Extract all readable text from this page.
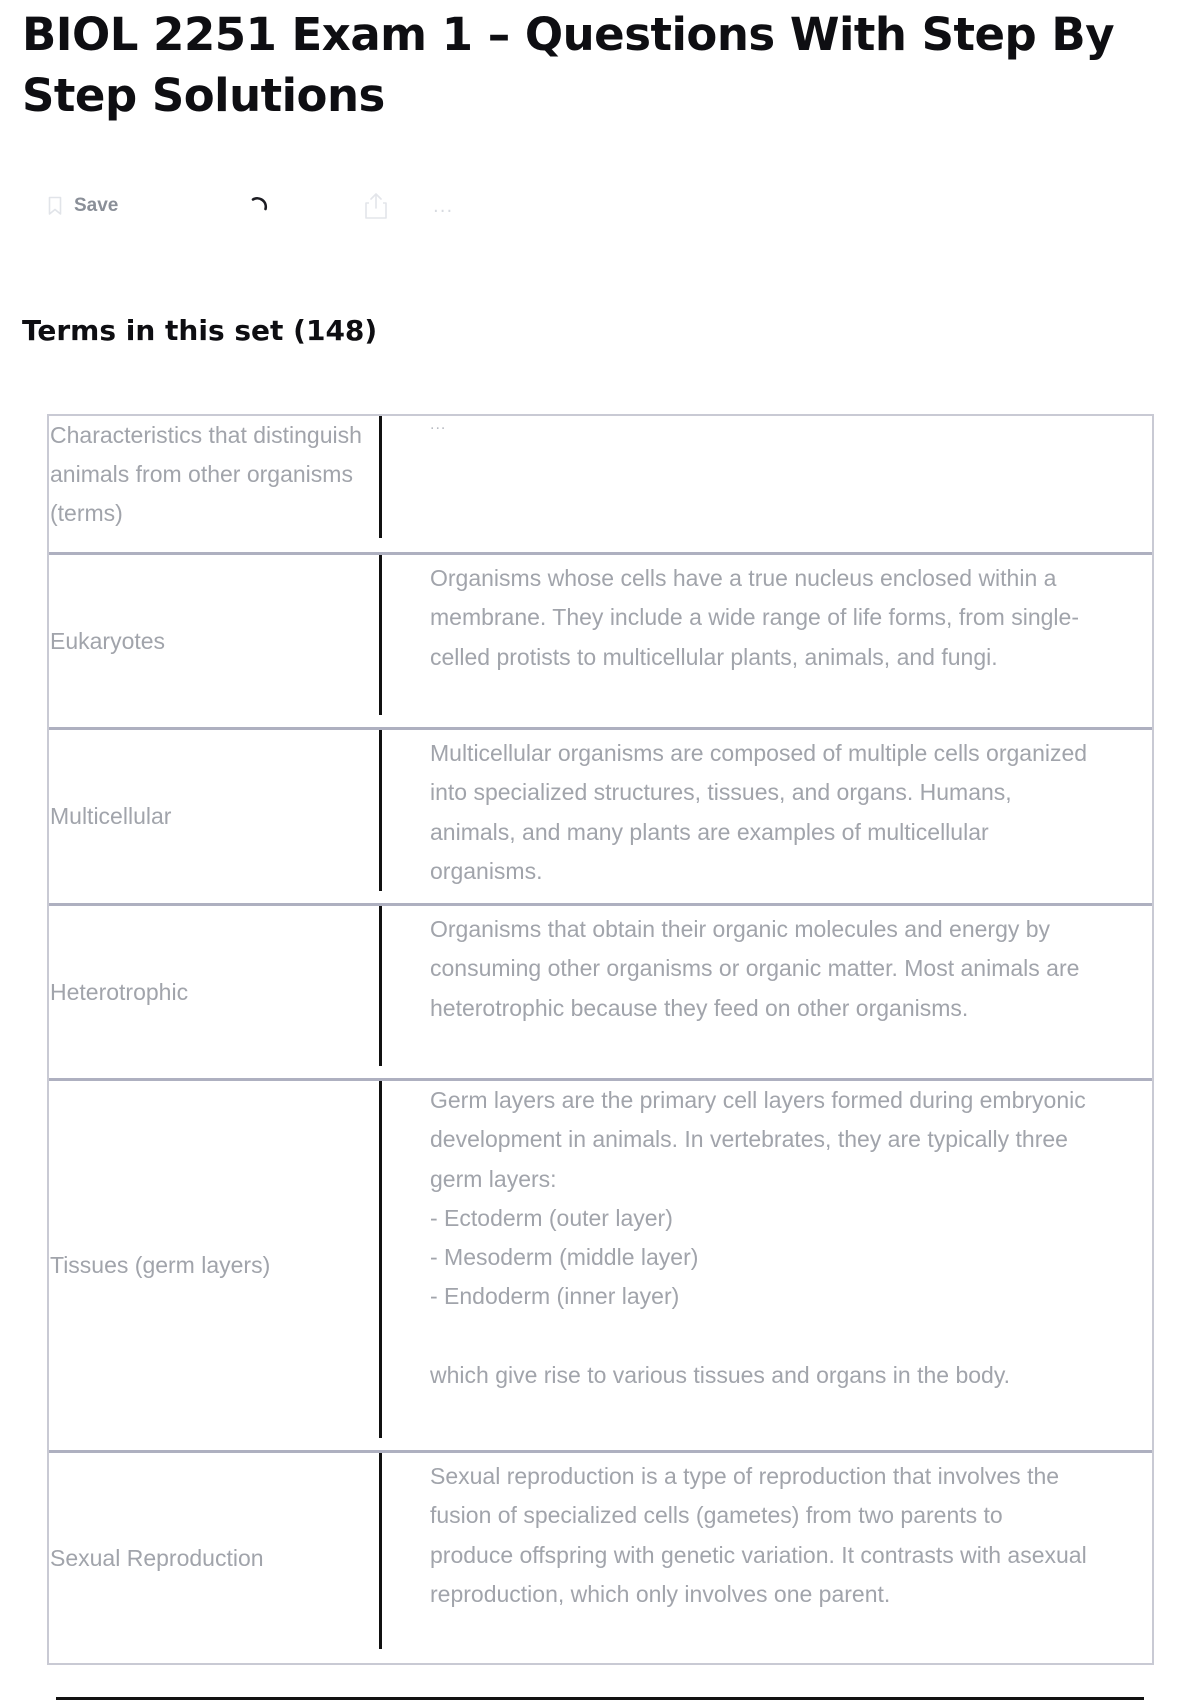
BIOL 2251 Exam 1 – Questions With Step By Step Solutions
Save	...
Terms in this set (148)
Characteristics that distinguish animals from other organisms (terms)
...
Eukaryotes
Organisms whose cells have a true nucleus enclosed within a membrane. They include a wide range of life forms, from single-celled protists to multicellular plants, animals, and fungi.
Multicellular
Multicellular organisms are composed of multiple cells organized into specialized structures, tissues, and organs. Humans, animals, and many plants are examples of multicellular organisms.
Heterotrophic
Organisms that obtain their organic molecules and energy by consuming other organisms or organic matter. Most animals are heterotrophic because they feed on other organisms.
Tissues (germ layers)
Germ layers are the primary cell layers formed during embryonic development in animals. In vertebrates, they are typically three germ layers:
- Ectoderm (outer layer)
- Mesoderm (middle layer)
- Endoderm (inner layer)

which give rise to various tissues and organs in the body.
Sexual Reproduction
Sexual reproduction is a type of reproduction that involves the fusion of specialized cells (gametes) from two parents to produce offspring with genetic variation. It contrasts with asexual reproduction, which only involves one parent.
